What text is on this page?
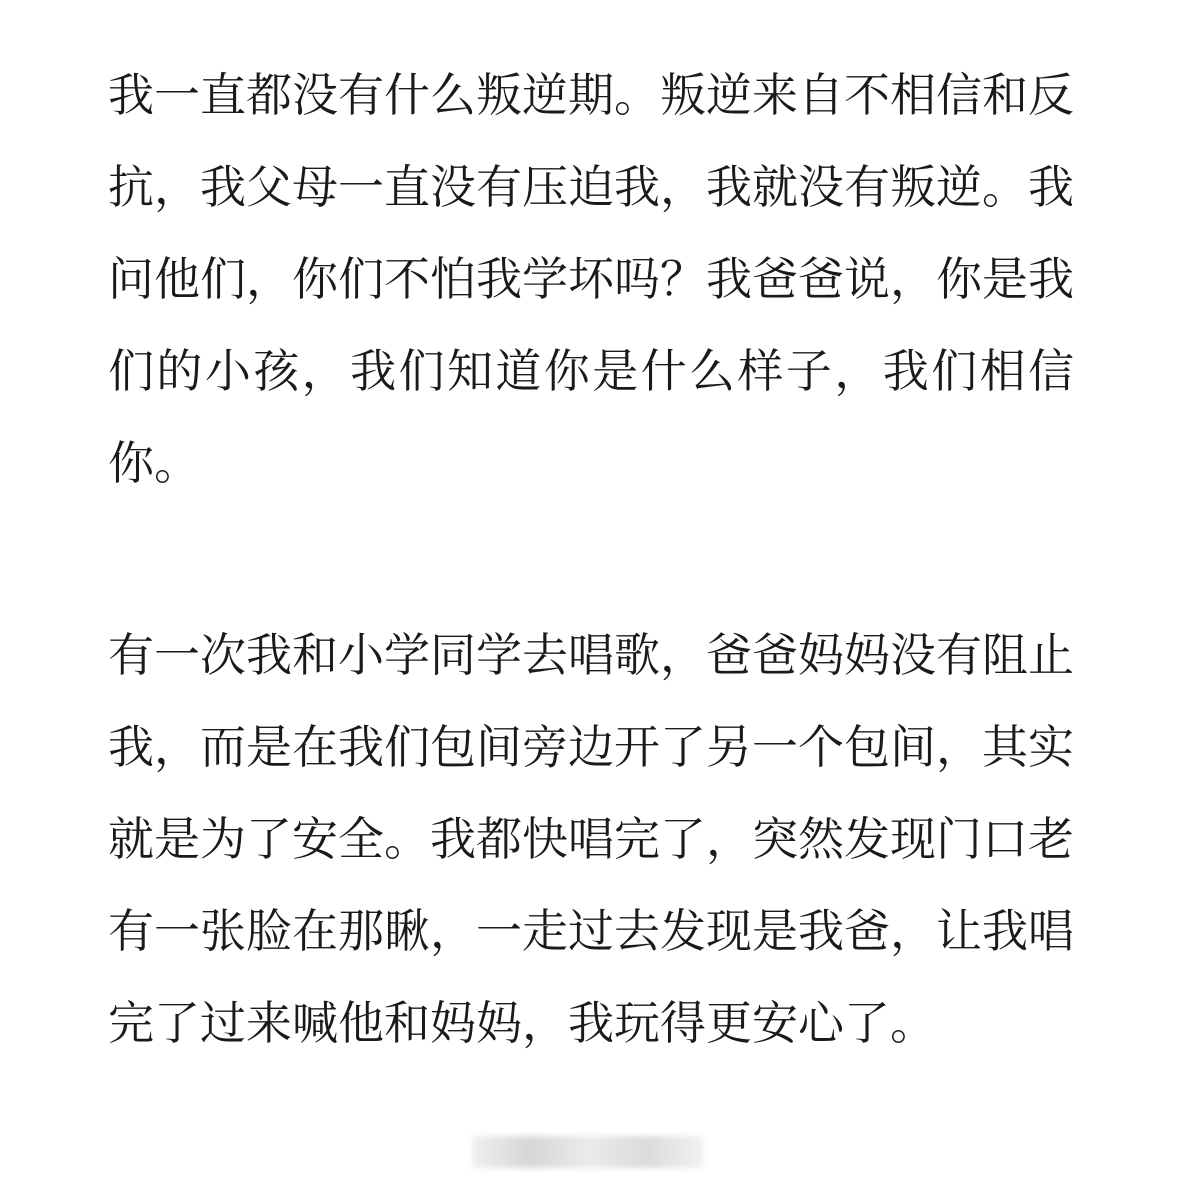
我一直都没有什么叛逆期。叛逆来自不相信和反抗，我父母一直没有压迫我，我就没有叛逆。我问他们，你们不怕我学坏吗？我爸爸说，你是我们的小孩，我们知道你是什么样子，我们相信你。

有一次我和小学同学去唱歌，爸爸妈妈没有阻止我，而是在我们包间旁边开了另一个包间，其实就是为了安全。我都快唱完了，突然发现门口老有一张脸在那瞅，一走过去发现是我爸，让我唱完了过来喊他和妈妈，我玩得更安心了。
